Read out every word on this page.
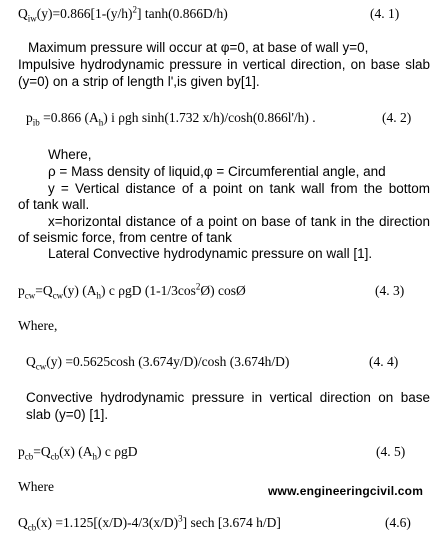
$Q_{iw}(y)=0.866[1-(y/h)^2]$ tanh(0.866D/h)	(4. 1)
Maximum pressure will occur at φ=0, at base of wall y=0,
Impulsive hydrodynamic pressure in vertical direction, on base slab
(y=0) on a strip of length l',is given by[1].
$p_{ib} =0.866$ $(A_h)$ i ρgh sinh(1.732 x/h)/cosh(0.866l'/h) .	(4. 2)
Where,
ρ = Mass density of liquid,φ = Circumferential angle, and
y = Vertical distance of a point on tank wall from the bottom
of tank wall.
x=horizontal distance of a point on base of tank in the direction
of seismic force, from centre of tank
Lateral Convective hydrodynamic pressure on wall [1].
$p_{cw}=Q_{cw}(y)$ $(A_h)$ c ρgD $(1-1/3\cos^2Ø)$ cosØ	(4. 3)
Where,
$Q_{cw}(y) =0.5625\cosh$ (3.674y/D)/cosh (3.674h/D)	(4. 4)
Convective hydrodynamic pressure in vertical direction on base
slab (y=0) [1].
$p_{cb}=Q_{cb}(x)$ $(A_h)$ c ρgD	(4. 5)
Where	www.engineeringcivil.com
$Q_{cb}(x) =1.125[(x/D)-4/3(x/D)^3]$ sech [3.674 h/D]	(4.6)
